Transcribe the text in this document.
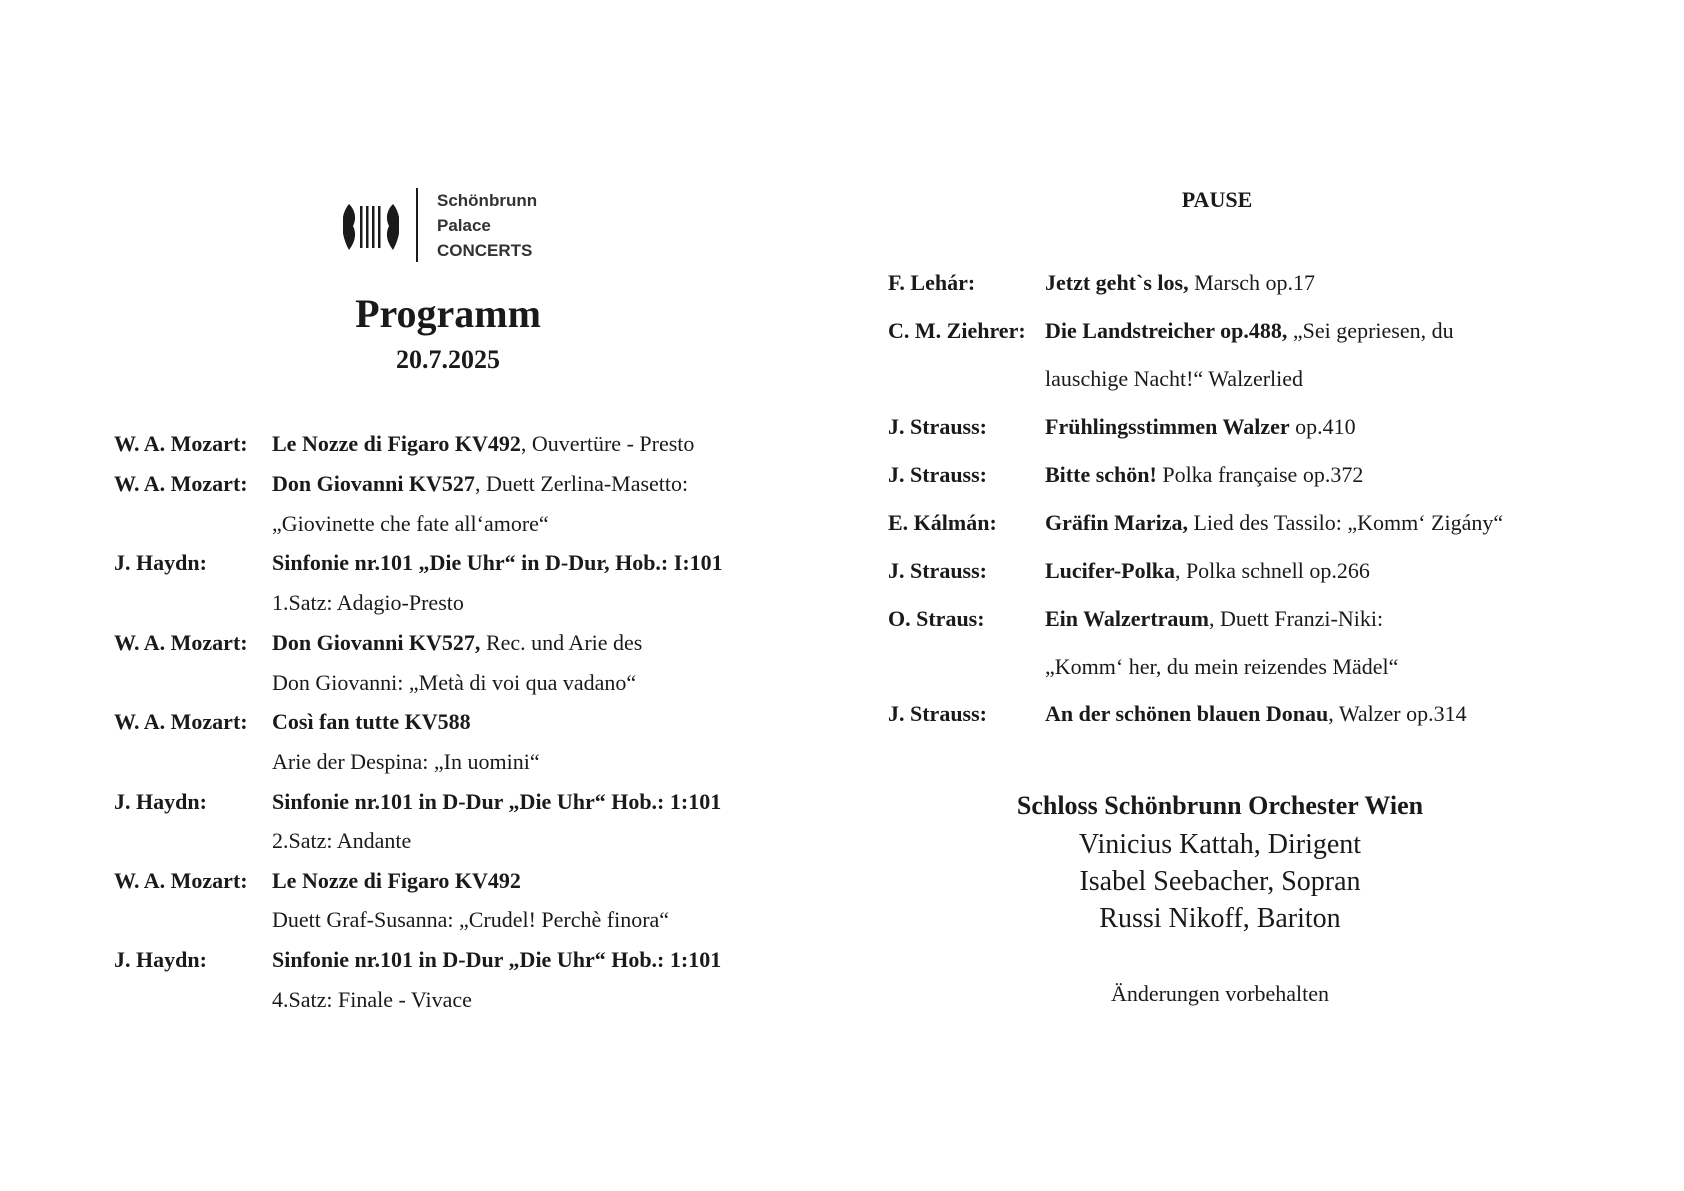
Schönbrunn
Palace
CONCERTS
Programm
20.7.2025
W. A. Mozart: Le Nozze di Figaro KV492, Ouvertüre - Presto
W. A. Mozart: Don Giovanni KV527, Duett Zerlina-Masetto:
„Giovinette che fate all‘amore“
J. Haydn:	Sinfonie nr.101 „Die Uhr“ in D-Dur, Hob.: I:101
1.Satz: Adagio-Presto
W. A. Mozart: Don Giovanni KV527, Rec. und Arie des
Don Giovanni: „Metà di voi qua vadano“
W. A. Mozart: Così fan tutte KV588
Arie der Despina: „In uomini“
J. Haydn:	Sinfonie nr.101 in D-Dur „Die Uhr“ Hob.: 1:101
2.Satz: Andante
W. A. Mozart: Le Nozze di Figaro KV492
Duett Graf-Susanna: „Crudel! Perchè finora“
J. Haydn:	Sinfonie nr.101 in D-Dur „Die Uhr“ Hob.: 1:101
4.Satz: Finale - Vivace
PAUSE
F. Lehár:	Jetzt geht`s los, Marsch op.17
C. M. Ziehrer: Die Landstreicher op.488, „Sei gepriesen, du
lauschige Nacht!“ Walzerlied
J. Strauss:	Frühlingsstimmen Walzer op.410
J. Strauss:	Bitte schön! Polka française op.372
E. Kálmán: Gräfin Mariza, Lied des Tassilo: „Komm‘ Zigány“
J. Strauss:	Lucifer-Polka, Polka schnell op.266
O. Straus:	Ein Walzertraum, Duett Franzi-Niki:
„Komm‘ her, du mein reizendes Mädel“
J. Strauss:	An der schönen blauen Donau, Walzer op.314
Schloss Schönbrunn Orchester Wien
Vinicius Kattah, Dirigent
Isabel Seebacher, Sopran
Russi Nikoff, Bariton
Änderungen vorbehalten
